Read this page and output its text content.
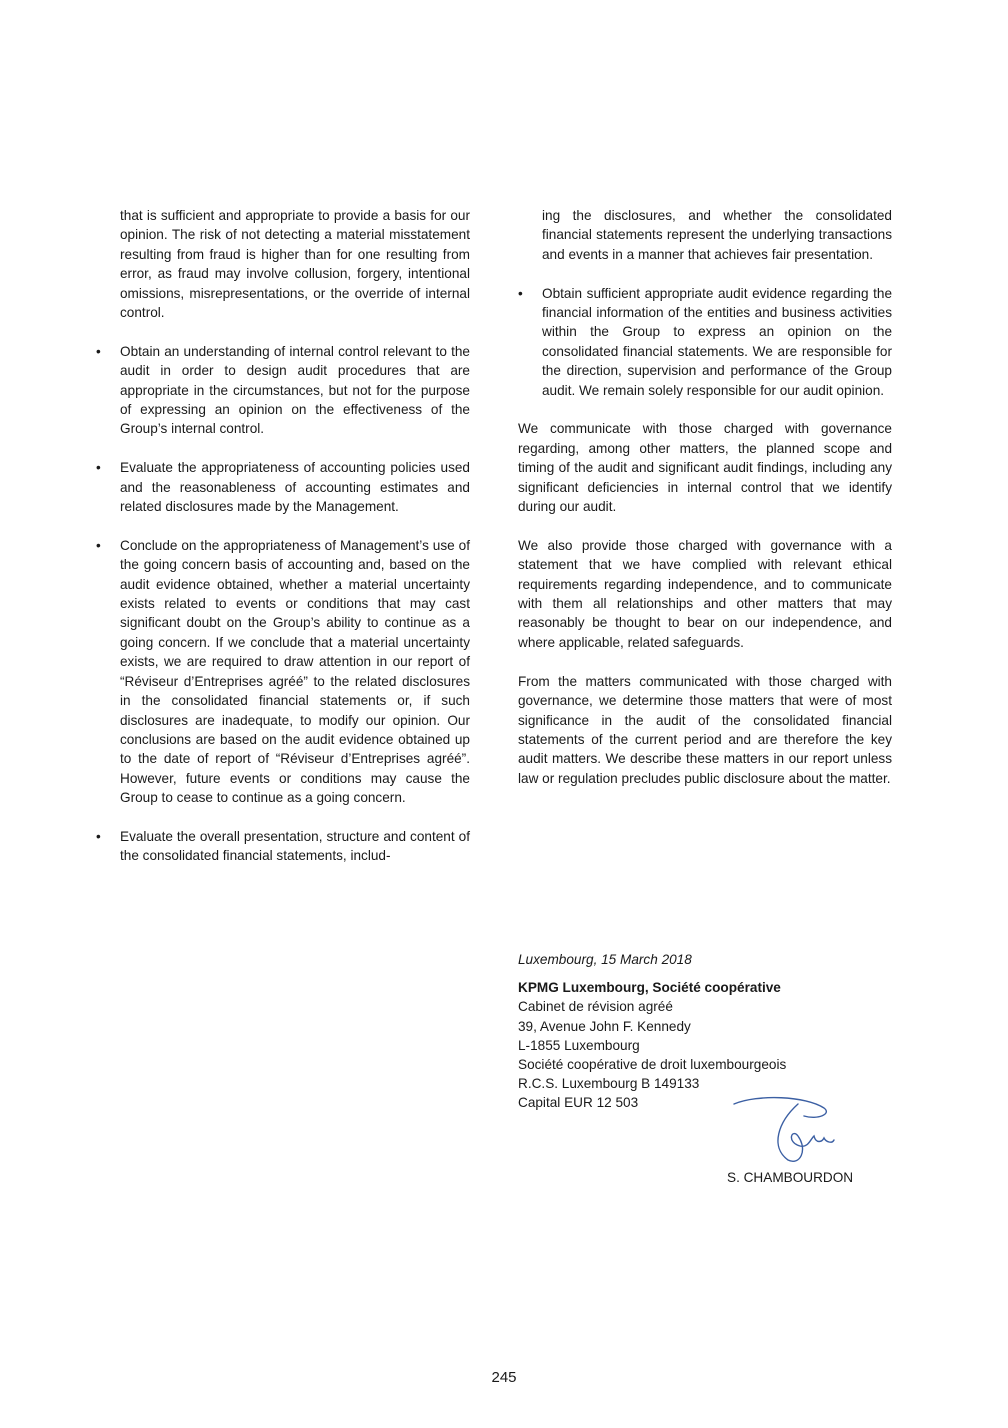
that is sufficient and appropriate to provide a basis for our opinion. The risk of not detecting a material misstatement resulting from fraud is higher than for one resulting from error, as fraud may involve collusion, forgery, intentional omissions, misrepresentations, or the override of internal control.

• Obtain an understanding of internal control relevant to the audit in order to design audit procedures that are appropriate in the circumstances, but not for the purpose of expressing an opinion on the effectiveness of the Group’s internal control.
• Evaluate the appropriateness of accounting policies used and the reasonableness of accounting estimates and related disclosures made by the Management.
• Conclude on the appropriateness of Management’s use of the going concern basis of accounting and, based on the audit evidence obtained, whether a material uncertainty exists related to events or conditions that may cast significant doubt on the Group’s ability to continue as a going concern. If we conclude that a material uncertainty exists, we are required to draw attention in our report of “Réviseur d’Entreprises agréé” to the related disclosures in the consolidated financial statements or, if such disclosures are inadequate, to modify our opinion. Our conclusions are based on the audit evidence obtained up to the date of report of “Réviseur d’Entreprises agréé”. However, future events or conditions may cause the Group to cease to continue as a going concern.
• Evaluate the overall presentation, structure and content of the consolidated financial statements, includ-

ing the disclosures, and whether the consolidated financial statements represent the underlying transactions and events in a manner that achieves fair presentation.

• Obtain sufficient appropriate audit evidence regarding the financial information of the entities and business activities within the Group to express an opinion on the consolidated financial statements. We are responsible for the direction, supervision and performance of the Group audit. We remain solely responsible for our audit opinion.

We communicate with those charged with governance regarding, among other matters, the planned scope and timing of the audit and significant audit findings, including any significant deficiencies in internal control that we identify during our audit.

We also provide those charged with governance with a statement that we have complied with relevant ethical requirements regarding independence, and to communicate with them all relationships and other matters that may reasonably be thought to bear on our independence, and where applicable, related safeguards.

From the matters communicated with those charged with governance, we determine those matters that were of most significance in the audit of the consolidated financial statements of the current period and are therefore the key audit matters. We describe these matters in our report unless law or regulation precludes public disclosure about the matter.

Luxembourg, 15 March 2018
KPMG Luxembourg, Société coopérative
Cabinet de révision agréé
39, Avenue John F. Kennedy
L-1855 Luxembourg
Société coopérative de droit luxembourgeois
R.C.S. Luxembourg B 149133
Capital EUR 12 503
S. CHAMBOURDON
245
